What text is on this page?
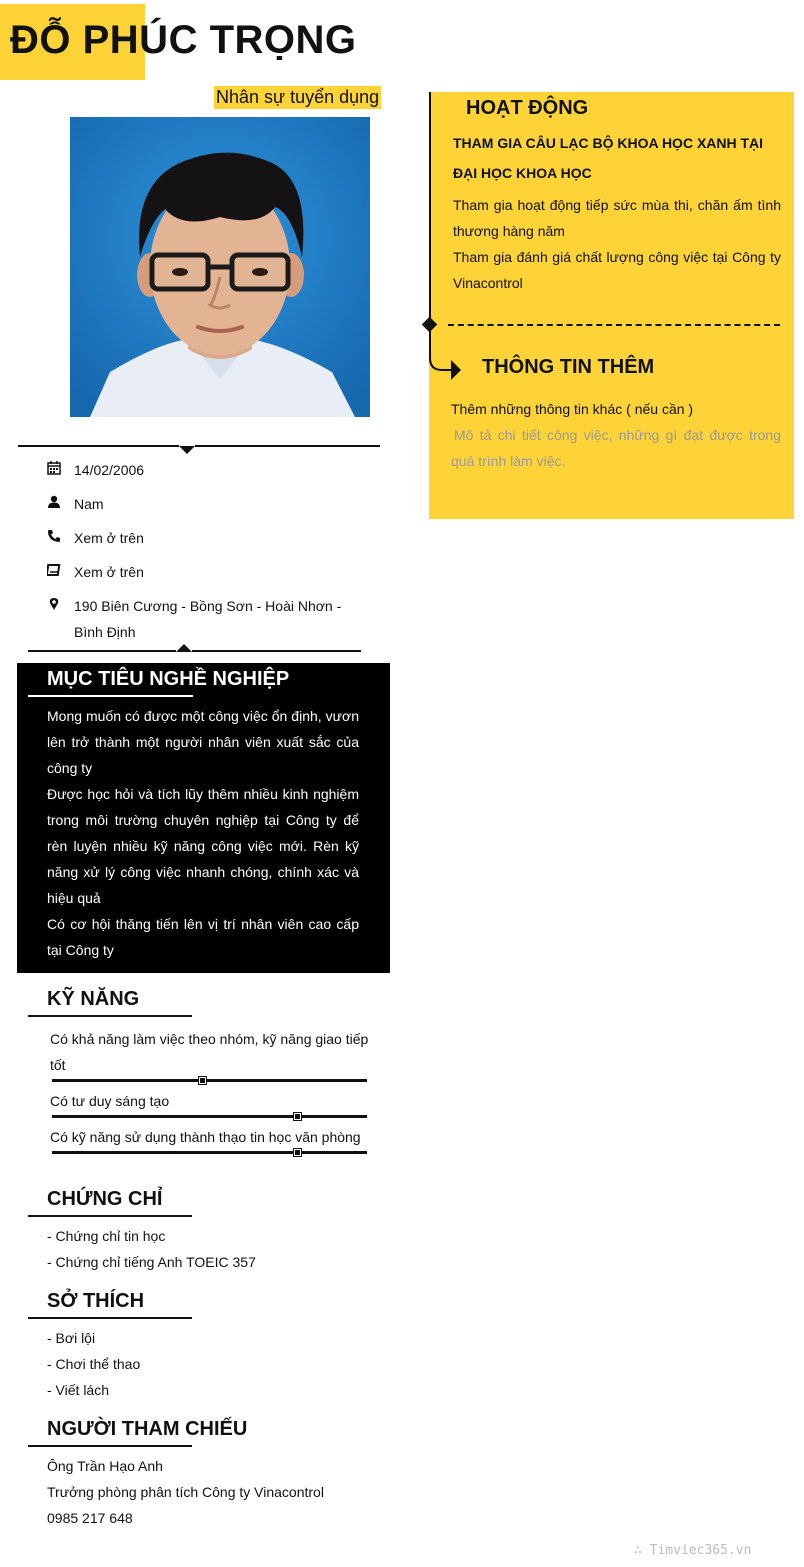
ĐỖ PHÚC TRỌNG
Nhân sự tuyển dụng
14/02/2006
Nam
Xem ở trên
Xem ở trên
190 Biên Cương - Bồng Sơn - Hoài Nhơn - Bình Định
MỤC TIÊU NGHỀ NGHIỆP

Mong muốn có được một công việc ổn định, vươn lên trở thành một người nhân viên xuất sắc của công ty

Được học hỏi và tích lũy thêm nhiều kinh nghiệm trong môi trường chuyên nghiệp tại Công ty để rèn luyện nhiều kỹ năng công việc mới. Rèn kỹ năng xử lý công việc nhanh chóng, chính xác và hiệu quả

Có cơ hội thăng tiến lên vị trí nhân viên cao cấp tại Công ty

KỸ NĂNG
Có khả năng làm việc theo nhóm, kỹ năng giao tiếp tốt
Có tư duy sáng tạo
Có kỹ năng sử dụng thành thạo tin học văn phòng
CHỨNG CHỈ
- Chứng chỉ tin học
- Chứng chỉ tiếng Anh TOEIC 357
SỞ THÍCH
- Bơi lội
- Chơi thể thao
- Viết lách
NGƯỜI THAM CHIẾU
Ông Trần Hạo Anh
Trưởng phòng phân tích Công ty Vinacontrol
0985 217 648
HOẠT ĐỘNG
THAM GIA CÂU LẠC BỘ KHOA HỌC XANH TẠI ĐẠI HỌC KHOA HỌC
Tham gia hoạt động tiếp sức mùa thi, chăn ấm tình thương hàng năm
Tham gia đánh giá chất lượng công việc tại Công ty Vinacontrol
THÔNG TIN THÊM
Thêm những thông tin khác ( nếu cần )
Mô tả chi tiết công việc, những gì đạt được trong quá trình làm việc.
∴ Timviec365.vn
